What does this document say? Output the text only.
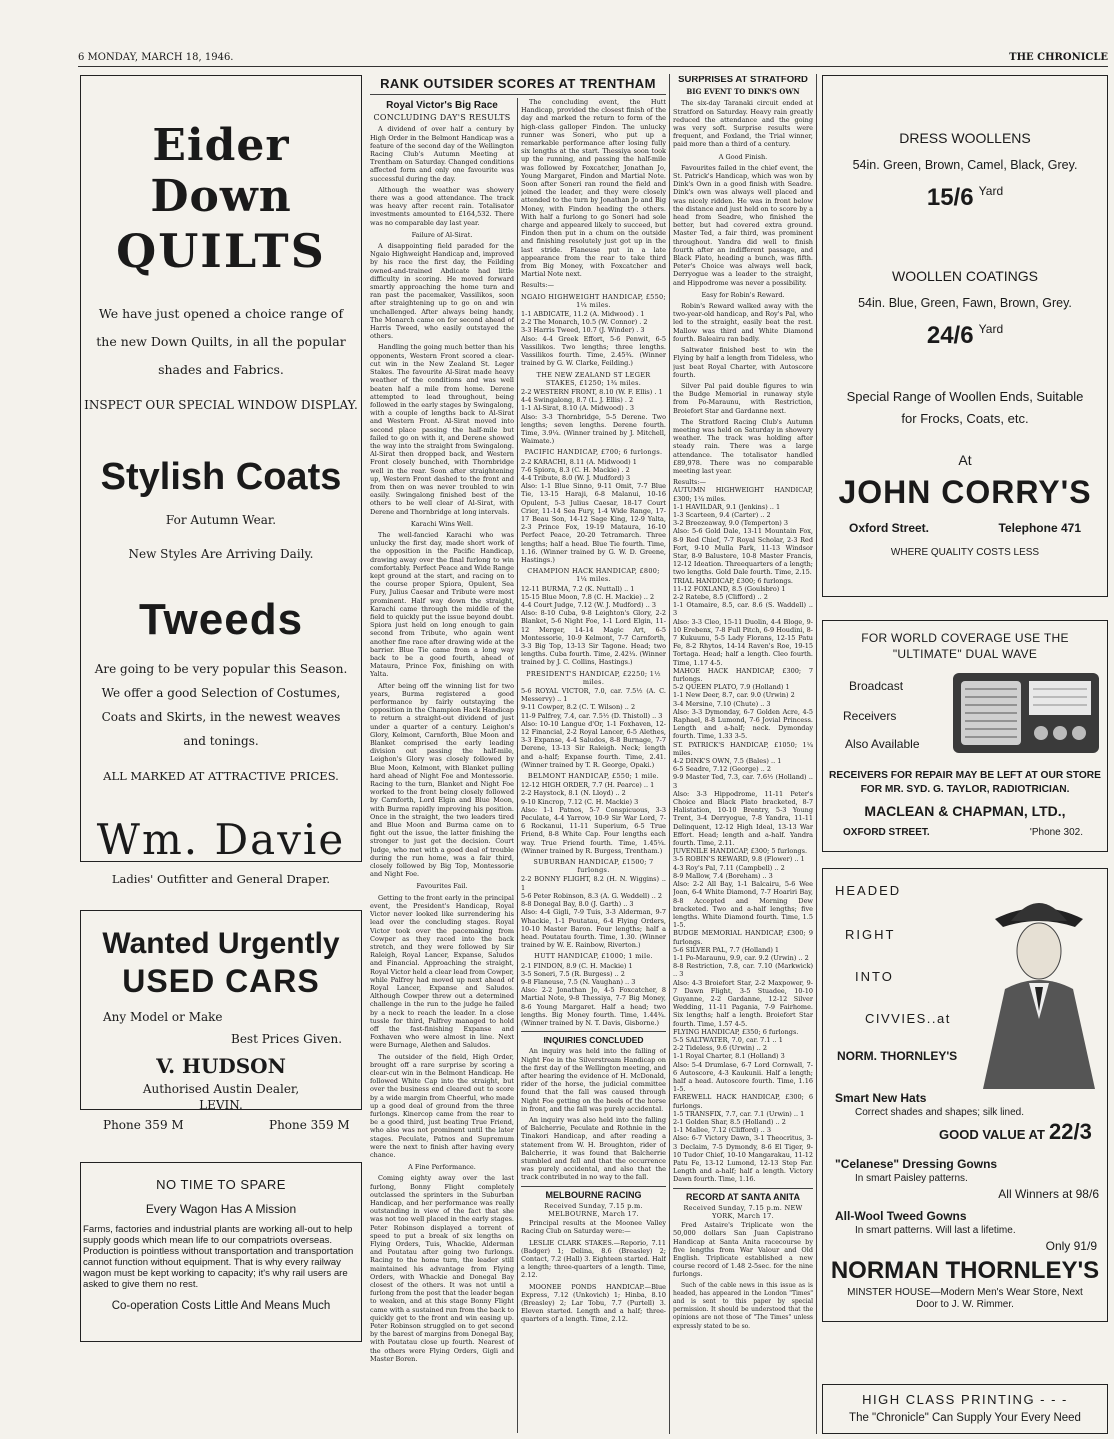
6 MONDAY, MARCH 18, 1946.	THE CHRONICLE
Eider Down
QUILTS
We have just opened a choice range of the new Down Quilts, in all the popular shades and Fabrics.
INSPECT OUR SPECIAL WINDOW DISPLAY.
Stylish Coats
For Autumn Wear.
New Styles Are Arriving Daily.
Tweeds
Are going to be very popular this Season. We offer a good Selection of Costumes, Coats and Skirts, in the newest weaves and tonings.
ALL MARKED AT ATTRACTIVE PRICES.
Wm. Davie
Ladies' Outfitter and General Draper.
Wanted Urgently
USED CARS
Any Model or Make
Best Prices Given.
V. HUDSON
Authorised Austin Dealer,
LEVIN.
Phone 359 M	Phone 359 M
NO TIME TO SPARE
Every Wagon Has A Mission
Farms, factories and industrial plants are working all-out to help supply goods which mean life to our compatriots overseas. Production is pointless without transportation and transportation cannot function without equipment. That is why every railway wagon must be kept working to capacity; it's why rail users are asked to give them no rest.
Co-operation Costs Little And Means Much
RANK OUTSIDER SCORES AT TRENTHAM
Royal Victor's Big Race
CONCLUDING DAY'S RESULTS

A dividend of over half a century by High Order in the Belmont Handicap was a feature of the second day of the Wellington Racing Club's Autumn Meeting at Trentham on Saturday. Changed conditions affected form and only one favourite was successful during the day.

Although the weather was showery there was a good attendance. The track was heavy after recent rain. Totalisator investments amounted to £164,532. There was no comparable day last year.

Failure of Al-Sirat.

A disappointing field paraded for the Ngaio Highweight Handicap and, improved by his race the first day, the Feilding owned-and-trained Abdicate had little difficulty in scoring. He moved forward smartly approaching the home turn and ran past the pacemaker, Vassilikos, soon after straightening up to go on and win unchallenged. After always being handy, The Monarch came on for second ahead of Harris Tweed, who easily outstayed the others.

Handling the going much better than his opponents, Western Front scored a clear-cut win in the New Zealand St. Leger Stakes. The favourite Al-Sirat made heavy weather of the conditions and was well beaten half a mile from home. Derene attempted to lead throughout, being followed in the early stages by Swingalong, with a couple of lengths back to Al-Sirat and Western Front. Al-Sirat moved into second place passing the half-mile but failed to go on with it, and Derene showed the way into the straight from Swingalong. Al-Sirat then dropped back, and Western Front closely bunched, with Thornbridge well in the rear. Soon after straightening up, Western Front dashed to the front and from then on was never troubled to win easily. Swingalong finished best of the others to be well clear of Al-Sirat, with Derene and Thornbridge at long intervals.

Karachi Wins Well.

The well-fancied Karachi who was unlucky the first day, made short work of the opposition in the Pacific Handicap, drawing away over the final furlong to win comfortably. Perfect Peace and Wide Range kept ground at the start, and racing on to the course proper Spiora, Opulent, Sea Fury, Julius Caesar and Tribute were most prominent. Half way down the straight, Karachi came through the middle of the field to quickly put the issue beyond doubt. Spiora just held on long enough to gain second from Tribute, who again went another fine race after drawing wide at the barrier. Blue Tie came from a long way back to be a good fourth, ahead of Mataura, Prince Fox, finishing on with Yalta.

After being off the winning list for two years, Burma registered a good performance by fairly outstaying the opposition in the Champion Hack Handicap to return a straight-out dividend of just under a quarter of a century. Leighon's Glory, Kelmont, Carnforth, Blue Moon and Blanket comprised the early leading division out passing the half-mile, Leighon's Glory was closely followed by Blue Moon, Kelmont, with Blanket pulling hard ahead of Night Foe and Montessorie. Racing to the turn, Blanket and Night Foe worked to the front being closely followed by Carnforth, Lord Elgin and Blue Moon, with Burma rapidly improving his position. Once in the straight, the two leaders tired and Blue Moon and Burma came on to fight out the issue, the latter finishing the stronger to just get the decision. Court Judge, who met with a good deal of trouble during the run home, was a fair third, closely followed by Big Top, Montessorie and Night Foe.

Favourites Fail.

Getting to the front early in the principal event, the President's Handicap, Royal Victor never looked like surrendering his lead over the concluding stages. Royal Victor took over the pacemaking from Cowper as they raced into the back stretch, and they were followed by Sir Raleigh, Royal Lancer, Expanse, Saludos and Financial. Approaching the straight, Royal Victor held a clear lead from Cowper, while Palfrey had moved up next ahead of Royal Lancer, Expanse and Saludos. Although Cowper threw out a determined challenge in the run to the judge he failed by a neck to reach the leader. In a close tussle for third, Palfrey managed to hold off the fast-finishing Expanse and Foxhaven who were almost in line. Next were Burnage, Alethen and Saludos.

The outsider of the field, High Order, brought off a rare surprise by scoring a clear-cut win in the Belmont Handicap. He followed White Cap into the straight, but over the business end cleared out to score by a wide margin from Cheerful, who made up a good deal of ground from the three furlongs. Kinercop came from the rear to be a good third, just beating True Friend, who also was not prominent until the later stages. Peculate, Patnos and Supremum were the next to finish after having every chance.

A Fine Performance.

Coming eighty away over the last furlong, Bonny Flight completely outclassed the sprinters in the Suburban Handicap, and her performance was really outstanding in view of the fact that she was not too well placed in the early stages. Peter Robinson displayed a torrent of speed to put a break of six lengths on Flying Orders, Tuis, Whackie, Alderman and Poutatau after going two furlongs. Racing to the home turn, the leader still maintained his advantage from Flying Orders, with Whackie and Donegal Bay closest of the others. It was not until a furlong from the post that the leader began to weaken, and at this stage Bonny Flight came with a sustained run from the back to quickly get to the front and win easing up. Peter Robinson struggled on to get second by the barest of margins from Donegal Bay, with Poutatau close up fourth. Nearest of the others were Flying Orders, Gigli and Master Boren.

The concluding event, the Hutt Handicap, provided the closest finish of the day and marked the return to form of the high-class galloper Findon. The unlucky runner was Soneri, who put up a remarkable performance after losing fully six lengths at the start. Thessiya soon took up the running, and passing the half-mile was followed by Foxcatcher, Jonathan Jo, Young Margaret, Findon and Martial Note. Soon after Soneri ran round the field and joined the leader, and they were closely attended to the turn by Jonathan Jo and Big Money, with Findon heading the others. With half a furlong to go Soneri had sole charge and appeared likely to succeed, but Findon then put in a chum on the outside and finishing resolutely just got up in the last stride. Flaneuse put in a late appearance from the rear to take third from Big Money, with Foxcatcher and Martial Note next.

Results:—

NGAIO HIGHWEIGHT HANDICAP, £550; 1¼ miles.

1-1 ABDICATE, 11.2 (A. Midwood) . 1
2-2 The Monarch, 10.5 (W. Connor) . 2
3-3 Harris Tweed, 10.7 (J. Winder) . 3
Also: 4-4 Greek Effort, 5-6 Penwit, 6-5 Vassilikos. Two lengths; three lengths. Vassilikos fourth. Time, 2.45¾. (Winner trained by G. W. Clarke, Feilding.)

THE NEW ZEALAND ST LEGER STAKES, £1250; 1¾ miles.

2-2 WESTERN FRONT, 8.10 (W. F. Ellis) . 1
4-4 Swingalong, 8.7 (L. J. Ellis) . 2
1-1 Al-Sirat, 8.10 (A. Midwood) . 3
Also: 3-3 Thornbridge, 5-5 Derene. Two lengths; seven lengths. Derene fourth. Time, 3.9¼. (Winner trained by J. Mitchell, Waimate.)

PACIFIC HANDICAP, £700; 6 furlongs.

2-2 KARACHI, 8.11 (A. Midwood) 1
7-6 Spiora, 8.3 (C. H. Mackie) . 2
4-4 Tribute, 8.0 (W. J. Mudford) 3
Also: 1-1 Blue Sinno, 9-11 Omit, 7-7 Blue Tie, 13-15 Haraji, 6-8 Malanui, 10-16 Opulent, 5-3 Julius Caesar, 18-17 Court Crier, 11-14 Sea Fury, 1-4 Wide Range, 17-17 Beau Son, 14-12 Sage King, 12-9 Yalta, 2-3 Prince Fox, 19-19 Mataura, 16-10 Perfect Peace, 20-20 Tetramarch. Three lengths; half a head. Blue Tie fourth. Time, 1.16. (Winner trained by G. W. D. Greene, Hastings.)

CHAMPION HACK HANDICAP, £800; 1¼ miles.

12-11 BURMA, 7.2 (K. Nuttall) .. 1
15-15 Blue Moon, 7.8 (C. H. Mackie) .. 2
4-4 Court Judge, 7.12 (W. J. Mudford) .. 3
Also: 8-10 Cuba, 9-8 Leighton's Glory, 2-2 Blanket, 5-6 Night Foe, 1-1 Lord Elgin, 11-12 Merger, 14-14 Magic Art, 6-5 Montessorie, 10-9 Kelmont, 7-7 Carnforth, 3-3 Big Top, 13-13 Sir Tagone. Head; two lengths. Cuba fourth. Time, 2.42¼. (Winner trained by J. C. Collins, Hastings.)

PRESIDENT'S HANDICAP, £2250; 1½ miles.

5-6 ROYAL VICTOR, 7.0, car. 7.5½ (A. C. Messervy) .. 1
9-11 Cowper, 8.2 (C. T. Wilson) .. 2
11-9 Palfrey, 7.4, car. 7.5½ (D. Thistoll) .. 3
Also: 10-10 Langue d'Or, 1-1 Foxhaven, 12-12 Financial, 2-2 Royal Lancer, 6-5 Alethes, 3-3 Expanse, 4-4 Saludos, 8-8 Burnage, 7-7 Derene, 13-13 Sir Raleigh. Neck; length and a-half; Expanse fourth. Time, 2.41. (Winner trained by T. R. George, Opaki.)

BELMONT HANDICAP, £550; 1 mile.

12-12 HIGH ORDER, 7.7 (H. Pearce) .. 1
2-2 Haystock, 8.1 (N. Lloyd) .. 2
9-10 Kincrop, 7.12 (C. H. Mackie) 3
Also: 1-1 Patnos, 5-7 Conspicuous, 3-3 Peculate, 4-4 Yarrow, 10-9 Sir War Lord, 7-6 Rockanui, 11-11 Superium, 6-5 True Friend, 8-8 White Cap. Four lengths each way. True Friend fourth. Time, 1.45¼. (Winner trained by R. Burgess, Trentham.)

SUBURBAN HANDICAP, £1500; 7 furlongs.

2-2 BONNY FLIGHT, 8.2 (H. N. Wiggins) .. 1
5-6 Peter Robinson, 8.3 (A. G. Weddell) .. 2
8-8 Donegal Bay, 8.0 (J. Garth) .. 3
Also: 4-4 Gigli, 7-9 Tuis, 3-3 Alderman, 9-7 Whackie, 1-1 Poutatau, 6-4 Flying Orders, 10-10 Master Baron. Four lengths; half a head. Poutatau fourth. Time, 1.30. (Winner trained by W. E. Rainbow, Riverton.)

HUTT HANDICAP, £1000; 1 mile.

2-1 FINDON, 8.9 (C. H. Mackie) 1
3-5 Soneri, 7.5 (R. Burgess) .. 2
9-8 Flaneuse, 7.5 (N. Vaughan) .. 3
Also: 2-2 Jonathan Jo, 4-5 Foxcatcher, 8 Martial Note, 9-8 Thessiya, 7-7 Big Money, 8-6 Young Margaret. Half a head; two lengths. Big Money fourth. Time, 1.44¾. (Winner trained by N. T. Davis, Gisborne.)

INQUIRIES CONCLUDED

An inquiry was held into the falling of Night Foe in the Silverstream Handicap on the first day of the Wellington meeting, and after hearing the evidence of H. McDonald, rider of the horse, the judicial committee found that the fall was caused through Night Foe getting on the heels of the horse in front, and the fall was purely accidental.

An inquiry was also held into the falling of Balcherrie, Peculate and Rothnie in the Tinakori Handicap, and after reading a statement from W. H. Broughton, rider of Balcherrie, it was found that Balcherrie stumbled and fell and that the occurrence was purely accidental, and also that the track contributed in no way to the fall.

MELBOURNE RACING
Received Sunday, 7.15 p.m. MELBOURNE, March 17.

Principal results at the Moonee Valley Racing Club on Saturday were:—

LESLIE CLARK STAKES.—Reporio, 7.11 (Badger) 1; Delina, 8.6 (Breasley) 2; Contact, 7.2 (Hall) 3. Eighteen started. Half a length; three-quarters of a length. Time, 2.12.

MOONEE PONDS HANDICAP.—Blue Express, 7.12 (Unkovich) 1; Hinba, 8.10 (Breasley) 2; Lar Tobu, 7.7 (Purtell) 3. Eleven started. Length and a half; three-quarters of a length. Time, 2.12.

SURPRISES AT STRATFORD
BIG EVENT TO DINK'S OWN

The six-day Taranaki circuit ended at Stratford on Saturday. Heavy rain greatly reduced the attendance and the going was very soft. Surprise results were frequent, and Foxland, the Trial winner, paid more than a third of a century.

A Good Finish.

Favourites failed in the chief event, the St. Patrick's Handicap, which was won by Dink's Own in a good finish with Seadre. Dink's own was always well placed and was nicely ridden. He was in front below the distance and just held on to score by a head from Seadre, who finished the better, but had covered extra ground. Master Ted, a fair third, was prominent throughout. Yandra did well to finish fourth after an indifferent passage, and Black Plato, heading a bunch, was fifth. Peter's Choice was always well back, Derryogue was a leader to the straight, and Hippodrome was never a possibility.

Easy for Robin's Reward.

Robin's Reward walked away with the two-year-old handicap, and Roy's Pal, who led to the straight, easily beat the rest. Mallow was third and White Diamond fourth. Baleairu ran badly.

Saltwater finished best to win the Flying by half a length from Tideless, who just beat Royal Charter, with Autoscore fourth.

Silver Pal paid double figures to win the Budge Memorial in runaway style from Po-Maraunu, with Restriction, Broiefort Star and Gardanne next.

The Stratford Racing Club's Autumn meeting was held on Saturday in showery weather. The track was holding after steady rain. There was a large attendance. The totalisator handled £89,978. There was no comparable meeting last year.

Results:—

AUTUMN HIGHWEIGHT HANDICAP, £300; 1¼ miles.
1-1 HAVILDAR, 9.1 (Jenkins) .. 1
1-3 Scarteen, 9.4 (Carter) .. 2
3-2 Breezeaway, 9.0 (Temperton) 3
Also: 5-6 Gold Dale, 13-11 Mountain Fox, 8-9 Red Chief, 7-7 Royal Scholar, 2-3 Red Fort, 9-10 Mulla Park, 11-13 Windsor Star, 8-9 Balustere, 10-8 Master Francis, 12-12 Ideation. Threequarters of a length; two lengths. Gold Dale fourth. Time, 2.15.
TRIAL HANDICAP, £300; 6 furlongs.
11-12 FOXLAND, 8.5 (Goulsbro) 1
2-2 Ratebe, 8.5 (Clifford) .. 2
1-1 Otamaire, 8.5, car. 8.6 (S. Waddell) .. 3
Also: 3-3 Cleo, 15-11 Duolin, 4-4 Bloge, 9-10 Erebenx, 7-8 Full Pitch, 6-9 Houdini, 8-7 Kukuunu, 5-5 Lady Florans, 12-15 Patu Fe, 8-2 Rhytos, 14-14 Raven's Roe, 19-15 Tortaga. Head; half a length. Cleo fourth. Time, 1.17 4-5.
MAHOE HACK HANDICAP, £300; 7 furlongs.
5-2 QUEEN PLATO, 7.9 (Holland) 1
1-1 New Deer, 8.7, car. 9.0 (Urwin) 2
3-4 Mersine, 7.10 (Chute) .. 3
Also: 3-3 Dymonday, 6-7 Golden Acre, 4-5 Raphael, 8-8 Lumond, 7-6 Jovial Princess. Length and a-half; neck. Dymonday fourth. Time, 1.33 3-5.
ST. PATRICK'S HANDICAP, £1050; 1¼ miles.
4-2 DINK'S OWN, 7.5 (Bales) .. 1
6-5 Seadre, 7.12 (George) .. 2
9-9 Master Ted, 7.3, car. 7.6½ (Holland) .. 3
Also: 3-3 Hippodrome, 11-11 Peter's Choice and Black Plato bracketed, 8-7 Halistation, 10-10 Brentry, 5-3 Young Trent, 3-4 Derryogue, 7-8 Yandra, 11-11 Delinquent, 12-12 High Ideal, 13-13 War Effort. Head; length and a-half. Yandra fourth. Time, 2.11.
JUVENILE HANDICAP, £300; 5 furlongs.
3-5 ROBIN'S REWARD, 9.8 (Flower) .. 1
4-3 Roy's Pal, 7.11 (Campbell) .. 2
8-9 Mallow, 7.4 (Boreham) .. 3
Also: 2-2 All Bay, 1-1 Balcairu, 5-6 Wee Joan, 6-4 White Diamond, 7-7 Hoariri Bay, 8-8 Accepted and Morning Dew bracketed. Two and a-half lengths; five lengths. White Diamond fourth. Time, 1.5 1-5.
BUDGE MEMORIAL HANDICAP, £300; 9 furlongs.
5-6 SILVER PAL, 7.7 (Holland) 1
1-1 Po-Maraunu, 9.9, car. 9.2 (Urwin) .. 2
8-8 Restriction, 7.8, car. 7.10 (Markwick) .. 3
Also: 4-3 Broiefort Star, 2-2 Maxpower, 9-7 Dawn Flight, 3-5 Stuadee, 10-10 Guyanne, 2-2 Gardanne, 12-12 Silver Wedding, 11-11 Pagania, 7-9 Fairhome. Six lengths; half a length. Broiefort Star fourth. Time, 1.57 4-5.
FLYING HANDICAP, £350; 6 furlongs.
5-5 SALTWATER, 7.0, car. 7.1 .. 1
2-2 Tideless, 9.6 (Urwin) .. 2
1-1 Royal Charter, 8.1 (Holland) 3
Also: 5-4 Drumlase, 6-7 Lord Cornwall, 7-6 Autoscore, 4-3 Kaukunii. Half a length; half a head. Autoscore fourth. Time, 1.16 1-5.
FAREWELL HACK HANDICAP, £300; 6 furlongs.
1-5 TRANSFIX, 7.7, car. 7.1 (Urwin) .. 1
2-1 Golden Shar, 8.5 (Holland) .. 2
1-1 Mallee, 7.12 (Clifford) .. 3
Also: 6-7 Victory Dawn, 3-1 Theocritus, 3-3 Declaim, 7-5 Dymondy, 8-6 El Tiger, 9-10 Tudor Chief, 10-10 Mangarakau, 11-12 Patu Fe, 13-12 Lumond, 12-13 Step Far. Length and a-half; half a length. Victory Dawn fourth. Time, 1.16.

RECORD AT SANTA ANITA
Received Sunday, 7.15 p.m. NEW YORK, March 17.

Fred Astaire's Triplicate won the 50,000 dollars San Juan Capistrano Handicap at Santa Anita racecourse by five lengths from War Valour and Old English. Triplicate established a new course record of 1.48 2-5sec. for the nine furlongs.

Such of the cable news in this issue as is headed, has appeared in the London "Times" and is sent to this paper by special permission. It should be understood that the opinions are not those of "The Times" unless expressly stated to be so.

DRESS WOOLLENS
54in. Green, Brown, Camel, Black, Grey.
15/6 $^{Yard}$
WOOLLEN COATINGS
54in. Blue, Green, Fawn, Brown, Grey.
24/6 $^{Yard}$
Special Range of Woollen Ends, Suitable for Frocks, Coats, etc.
At
JOHN CORRY'S
Oxford Street.	Telephone 471
WHERE QUALITY COSTS LESS
FOR WORLD COVERAGE USE THE
"ULTIMATE" DUAL WAVE
Broadcast
Receivers
Also Available
RECEIVERS FOR REPAIR MAY BE LEFT AT OUR STORE FOR MR. SYD. G. TAYLOR, RADIOTRICIAN.
MACLEAN & CHAPMAN, LTD.,
OXFORD STREET.	'Phone 302.
HEADED
RIGHT
INTO
CIVVIES..at
NORM. THORNLEY'S
Smart New Hats
Correct shades and shapes; silk lined.
GOOD VALUE AT 22/3
"Celanese" Dressing Gowns
In smart Paisley patterns.
All Winners at 98/6
All-Wool Tweed Gowns
In smart patterns. Will last a lifetime.
Only 91/9
NORMAN THORNLEY'S
MINSTER HOUSE—Modern Men's Wear Store, Next Door to J. W. Rimmer.
HIGH CLASS PRINTING - - -
The "Chronicle" Can Supply Your Every Need
